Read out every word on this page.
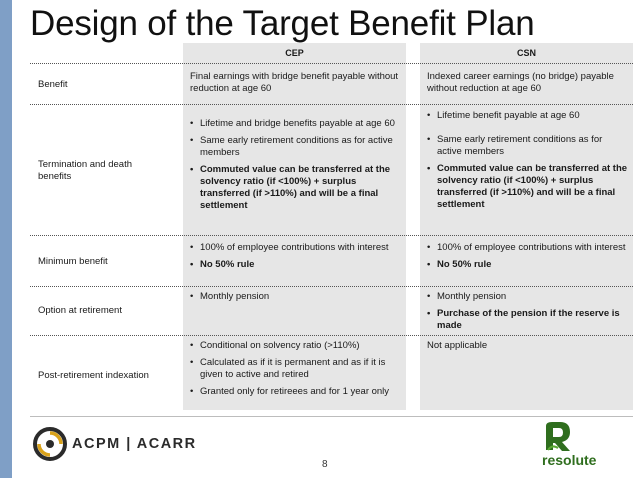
Design of the Target Benefit Plan
CEP	CSN
Benefit
Final earnings with bridge benefit payable without reduction at age 60
Indexed career earnings (no bridge) payable without reduction at age 60
Termination and death benefits
• Lifetime and bridge benefits payable at age 60
• Same early retirement conditions as for active members
• Commuted value can be transferred at the solvency ratio (if <100%) + surplus transferred (if >110%) and will be a final settlement
• Lifetime benefit payable at age 60
• Same early retirement conditions as for active members
• Commuted value can be transferred at the solvency ratio (if <100%) + surplus transferred (if >110%) and will be a final settlement
Minimum benefit
• 100% of employee contributions with interest
• No 50% rule
• 100% of employee contributions with interest
• No 50% rule
Option at retirement
• Monthly pension
•	Monthly pension
• Purchase of the pension if the reserve is made
Post-retirement indexation
• Conditional on solvency ratio (>110%)
• Calculated as if it is permanent and as if it is given to active and retired
• Granted only for retireees and for 1 year only
Not applicable
ACPM | ACARR
8	resolute
